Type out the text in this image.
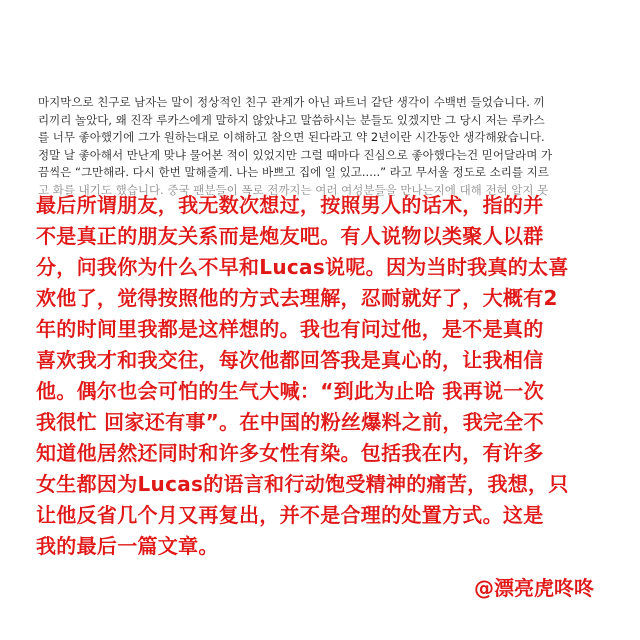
마지막으로 친구로 남자는 말이 정상적인 친구 관계가 아닌 파트너 같단 생각이 수백번 들었습니다. 끼
리끼리 놀았다, 왜 진작 루카스에게 말하지 않았냐고 말씀하시는 분들도 있겠지만 그 당시 저는 루카스
를 너무 좋아했기에 그가 원하는대로 이해하고 참으면 된다라고 약 2년이란 시간동안 생각해왔습니다.
정말 날 좋아해서 만난게 맞냐 물어본 적이 있었지만 그럴 때마다 진심으로 좋아했다는건 믿어달라며 가
끔씩은 “그만해라. 다시 한번 말해줄게. 나는 바쁘고 집에 일 있고.....” 라고 무서울 정도로 소리를 지르
고 화를 내기도 했습니다. 중국 팬분들이 폭로 전까지는 여러 여성분들을 만나는지에 대해 전혀 알지 못
最后所谓朋友，我无数次想过，按照男人的话术，指的并
不是真正的朋友关系而是炮友吧。有人说物以类聚人以群
分，问我你为什么不早和Lucas说呢。因为当时我真的太喜
欢他了，觉得按照他的方式去理解，忍耐就好了，大概有2
年的时间里我都是这样想的。我也有问过他，是不是真的
喜欢我才和我交往，每次他都回答我是真心的，让我相信
他。偶尔也会可怕的生气大喊：“到此为止哈 我再说一次
我很忙 回家还有事”。在中国的粉丝爆料之前，我完全不
知道他居然还同时和许多女性有染。包括我在内，有许多
女生都因为Lucas的语言和行动饱受精神的痛苦，我想，只
让他反省几个月又再复出，并不是合理的处置方式。这是
我的最后一篇文章。
@漂亮虎咚咚
